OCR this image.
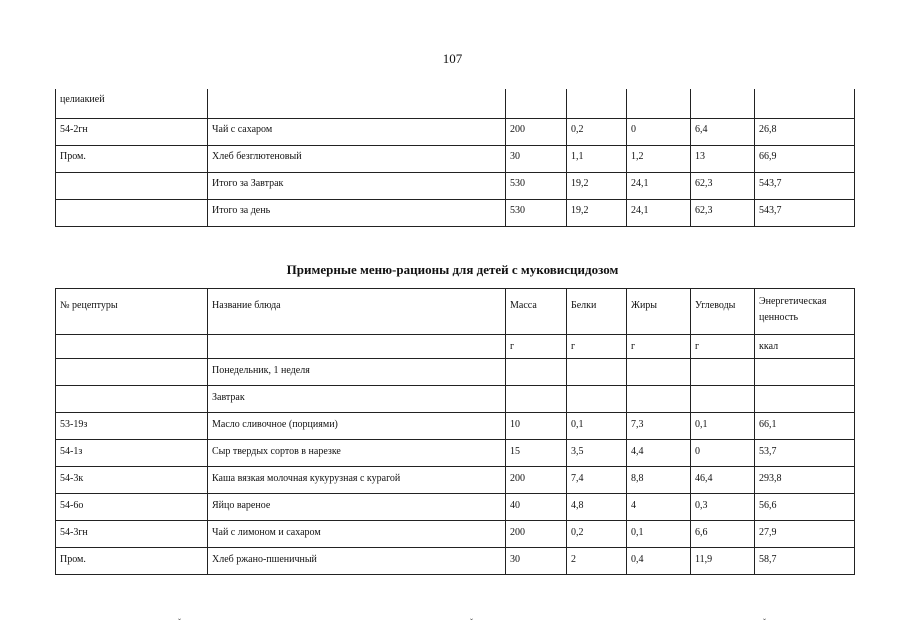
107
целиакией						
54-2гн	Чай с сахаром	200	0,2	0	6,4	26,8
Пром.	Хлеб безглютеновый	30	1,1	1,2	13	66,9
	Итого за Завтрак	530	19,2	24,1	62,3	543,7
	Итого за день	530	19,2	24,1	62,3	543,7
Примерные меню-рационы для детей с муковисцидозом
№ рецептуры	Название блюда	Масса	Белки	Жиры	Углеводы	Энергетическая ценность
		г	г	г	г	ккал
	Понедельник, 1 неделя					
	Завтрак					
53-19з	Масло сливочное (порциями)	10	0,1	7,3	0,1	66,1
54-1з	Сыр твердых сортов в нарезке	15	3,5	4,4	0	53,7
54-3к	Каша вязкая молочная кукурузная с курагой	200	7,4	8,8	46,4	293,8
54-6о	Яйцо вареное	40	4,8	4	0,3	56,6
54-3гн	Чай с лимоном и сахаром	200	0,2	0,1	6,6	27,9
Пром.	Хлеб ржано-пшеничный	30	2	0,4	11,9	58,7
ˇ	ˇ	ˇ
